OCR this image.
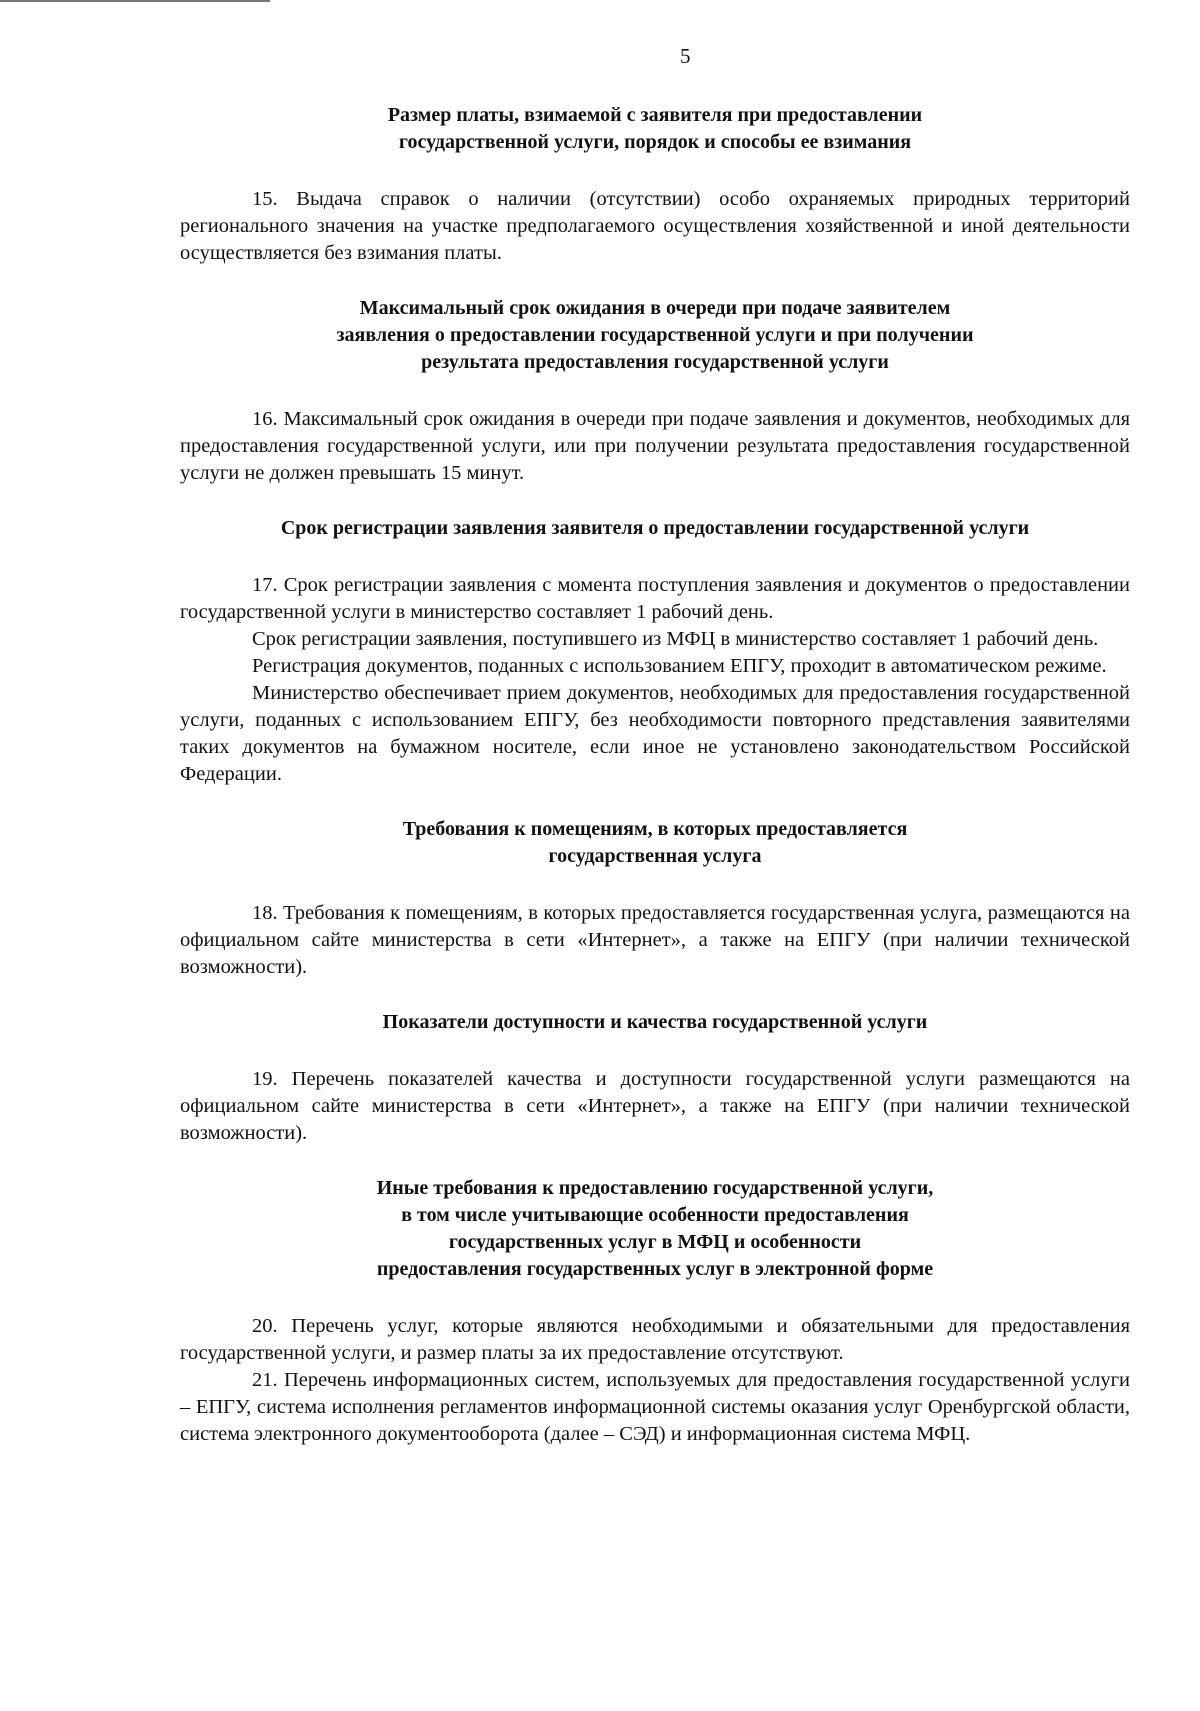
5
Размер платы, взимаемой с заявителя при предоставлении
государственной услуги, порядок и способы ее взимания

15. Выдача справок о наличии (отсутствии) особо охраняемых природных территорий регионального значения на участке предполагаемого осуществления хозяйственной и иной деятельности осуществляется без взимания платы.

Максимальный срок ожидания в очереди при подаче заявителем
заявления о предоставлении государственной услуги и при получении
результата предоставления государственной услуги

16. Максимальный срок ожидания в очереди при подаче заявления и документов, необходимых для предоставления государственной услуги, или при получении результата предоставления государственной услуги не должен превышать 15 минут.

Срок регистрации заявления заявителя о предоставлении государственной услуги

17. Срок регистрации заявления с момента поступления заявления и документов о предоставлении государственной услуги в министерство составляет 1 рабочий день.

Срок регистрации заявления, поступившего из МФЦ в министерство составляет 1 рабочий день.

Регистрация документов, поданных с использованием ЕПГУ, проходит в автоматическом режиме.

Министерство обеспечивает прием документов, необходимых для предоставления государственной услуги, поданных с использованием ЕПГУ, без необходимости повторного представления заявителями таких документов на бумажном носителе, если иное не установлено законодательством Российской Федерации.

Требования к помещениям, в которых предоставляется
государственная услуга

18. Требования к помещениям, в которых предоставляется государственная услуга, размещаются на официальном сайте министерства в сети «Интернет», а также на ЕПГУ (при наличии технической возможности).

Показатели доступности и качества государственной услуги

19. Перечень показателей качества и доступности государственной услуги размещаются на официальном сайте министерства в сети «Интернет», а также на ЕПГУ (при наличии технической возможности).

Иные требования к предоставлению государственной услуги,
в том числе учитывающие особенности предоставления
государственных услуг в МФЦ и особенности
предоставления государственных услуг в электронной форме

20. Перечень услуг, которые являются необходимыми и обязательными для предоставления государственной услуги, и размер платы за их предоставление отсутствуют.

21. Перечень информационных систем, используемых для предоставления государственной услуги – ЕПГУ, система исполнения регламентов информационной системы оказания услуг Оренбургской области, система электронного документооборота (далее – СЭД) и информационная система МФЦ.
